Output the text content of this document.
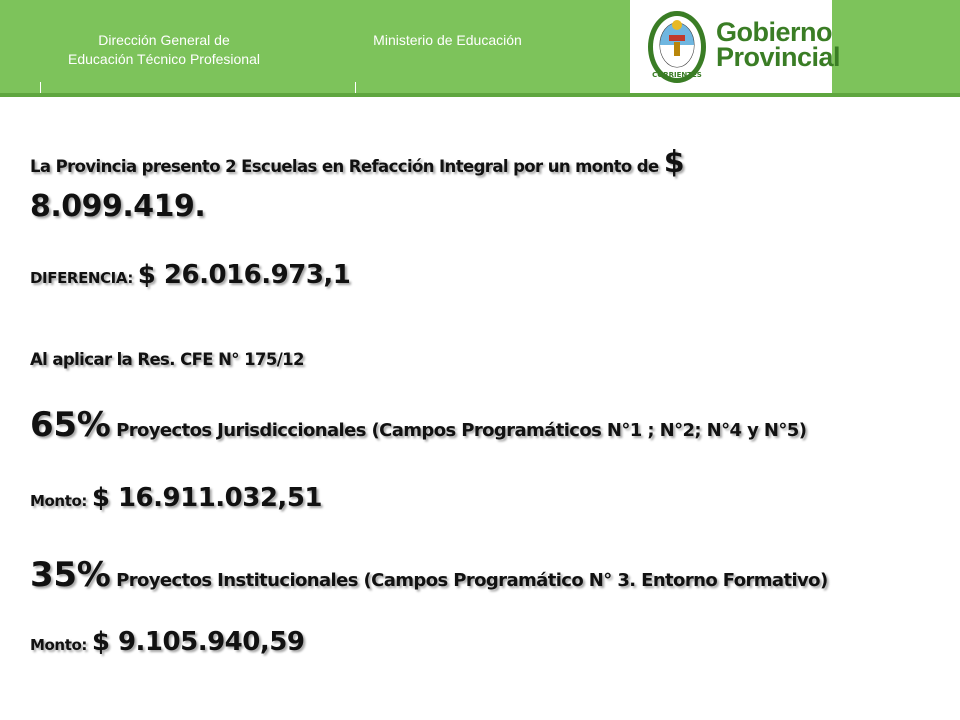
Dirección General de
Educación Técnico Profesional
Ministerio de Educación
CORRIENTES
Gobierno
Provincial
La Provincia presento 2 Escuelas en Refacción Integral por un monto de $
8.099.419.
DIFERENCIA: $ 26.016.973,1
Al aplicar la Res. CFE N° 175/12
65% Proyectos Jurisdiccionales (Campos Programáticos N°1 ; N°2; N°4 y N°5)
Monto: $ 16.911.032,51
35% Proyectos Institucionales (Campos Programático N° 3. Entorno Formativo)
Monto: $ 9.105.940,59
